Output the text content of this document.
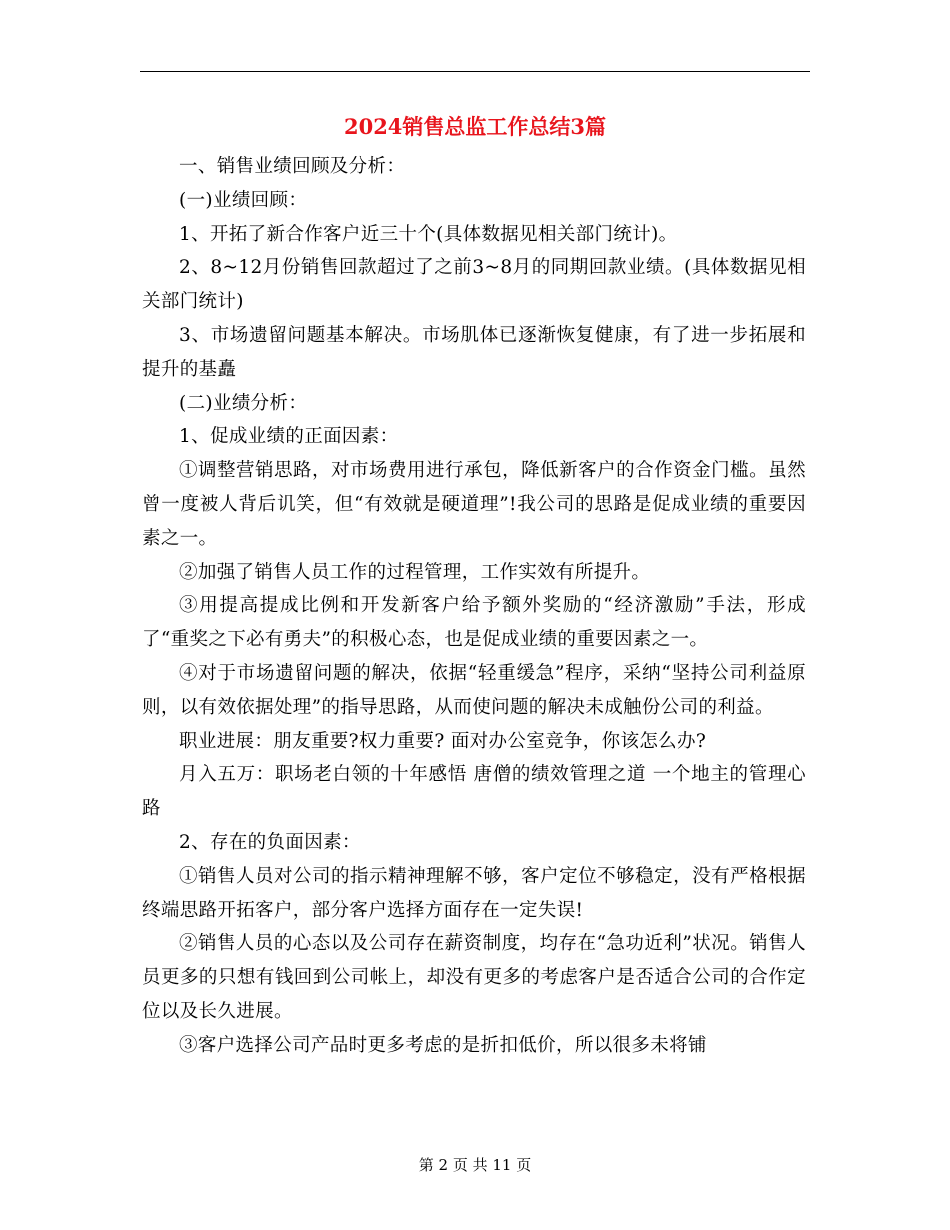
2024销售总监工作总结3篇

一、销售业绩回顾及分析：

(一)业绩回顾：

1、开拓了新合作客户近三十个(具体数据见相关部门统计)。

2、8~12月份销售回款超过了之前3~8月的同期回款业绩。(具体数据见相关部门统计)

3、市场遗留问题基本解决。市场肌体已逐渐恢复健康，有了进一步拓展和提升的基矗

(二)业绩分析：

1、促成业绩的正面因素：

①调整营销思路，对市场费用进行承包，降低新客户的合作资金门槛。虽然曾一度被人背后讥笑，但“有效就是硬道理”!我公司的思路是促成业绩的重要因素之一。

②加强了销售人员工作的过程管理，工作实效有所提升。

③用提高提成比例和开发新客户给予额外奖励的“经济激励”手法，形成了“重奖之下必有勇夫”的积极心态，也是促成业绩的重要因素之一。

④对于市场遗留问题的解决，依据“轻重缓急”程序，采纳“坚持公司利益原则，以有效依据处理”的指导思路，从而使问题的解决未成触份公司的利益。

职业进展：朋友重要?权力重要? 面对办公室竞争，你该怎么办?

月入五万：职场老白领的十年感悟 唐僧的绩效管理之道 一个地主的管理心路

2、存在的负面因素：

①销售人员对公司的指示精神理解不够，客户定位不够稳定，没有严格根据终端思路开拓客户，部分客户选择方面存在一定失误!

②销售人员的心态以及公司存在薪资制度，均存在“急功近利”状况。销售人员更多的只想有钱回到公司帐上，却没有更多的考虑客户是否适合公司的合作定位以及长久进展。

③客户选择公司产品时更多考虑的是折扣低价，所以很多未将铺

第 2 页 共 11 页
